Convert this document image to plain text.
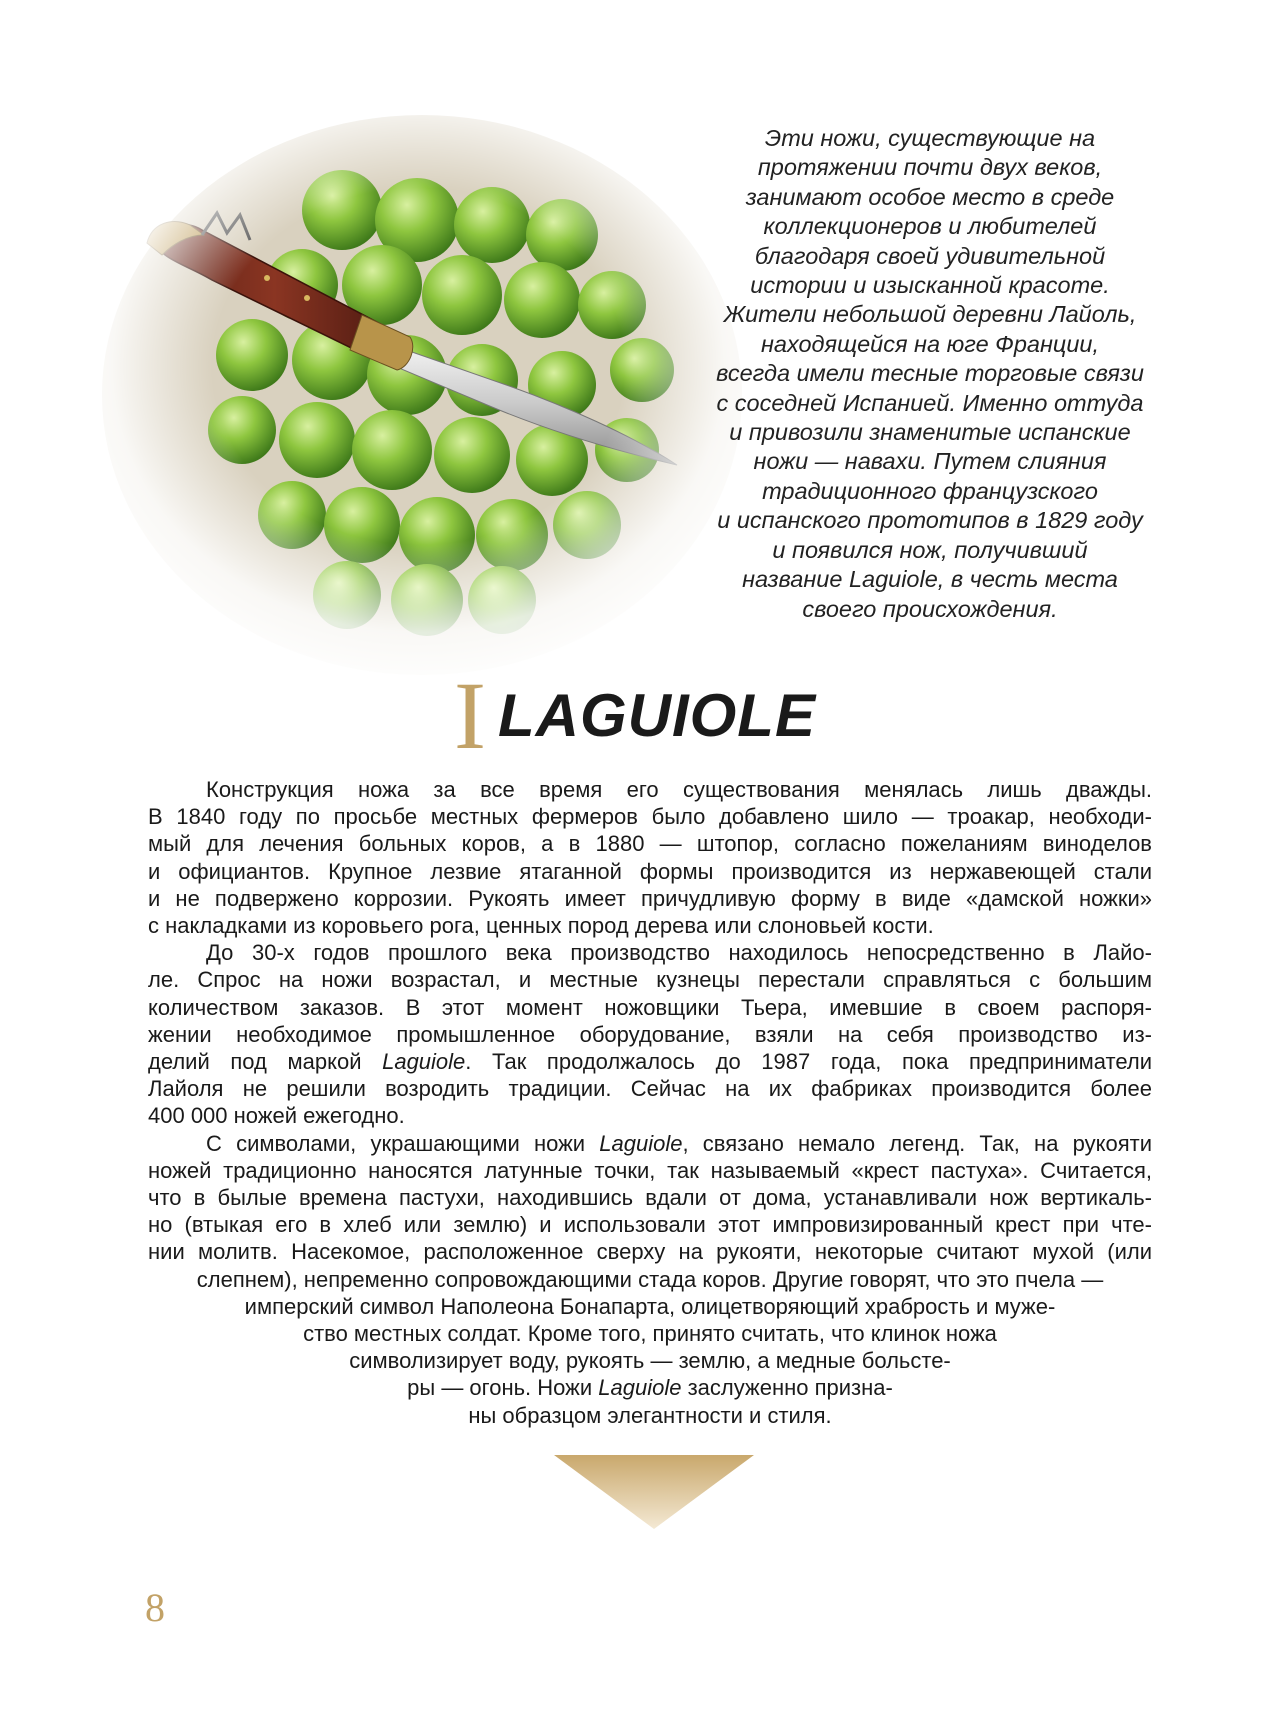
Эти ножи, существующие на
протяжении почти двух веков,
занимают особое место в среде
коллекционеров и любителей
благодаря своей удивительной
истории и изысканной красоте.
Жители небольшой деревни Лайоль,
находящейся на юге Франции,
всегда имели тесные торговые связи
с соседней Испанией. Именно оттуда
и привозили знаменитые испанские
ножи — навахи. Путем слияния
традиционного французского
и испанского прототипов в 1829 году
и появился нож, получивший
название Laguiole, в честь места
своего происхождения.
ILAGUIOLE
Конструкция ножа за все время его существования менялась лишь дважды.
В 1840 году по просьбе местных фермеров было добавлено шило — троакар, необходи-
мый для лечения больных коров, а в 1880 — штопор, согласно пожеланиям виноделов
и официантов. Крупное лезвие ятаганной формы производится из нержавеющей стали
и не подвержено коррозии. Рукоять имеет причудливую форму в виде «дамской ножки»
с накладками из коровьего рога, ценных пород дерева или слоновьей кости.
До 30-х годов прошлого века производство находилось непосредственно в Лайо-
ле. Спрос на ножи возрастал, и местные кузнецы перестали справляться с большим
количеством заказов. В этот момент ножовщики Тьера, имевшие в своем распоря-
жении необходимое промышленное оборудование, взяли на себя производство из-
делий под маркой Laguiole. Так продолжалось до 1987 года, пока предприниматели
Лайоля не решили возродить традиции. Сейчас на их фабриках производится более
400 000 ножей ежегодно.
С символами, украшающими ножи Laguiole, связано немало легенд. Так, на рукояти
ножей традиционно наносятся латунные точки, так называемый «крест пастуха». Считается,
что в былые времена пастухи, находившись вдали от дома, устанавливали нож вертикаль-
но (втыкая его в хлеб или землю) и использовали этот импровизированный крест при чте-
нии молитв. Насекомое, расположенное сверху на рукояти, некоторые считают мухой (или
слепнем), непременно сопровождающими стада коров. Другие говорят, что это пчела —
имперский символ Наполеона Бонапарта, олицетворяющий храбрость и муже-
ство местных солдат. Кроме того, принято считать, что клинок ножа
символизирует воду, рукоять — землю, а медные больсте-
ры — огонь. Ножи Laguiole заслуженно призна-
ны образцом элегантности и стиля.
8
